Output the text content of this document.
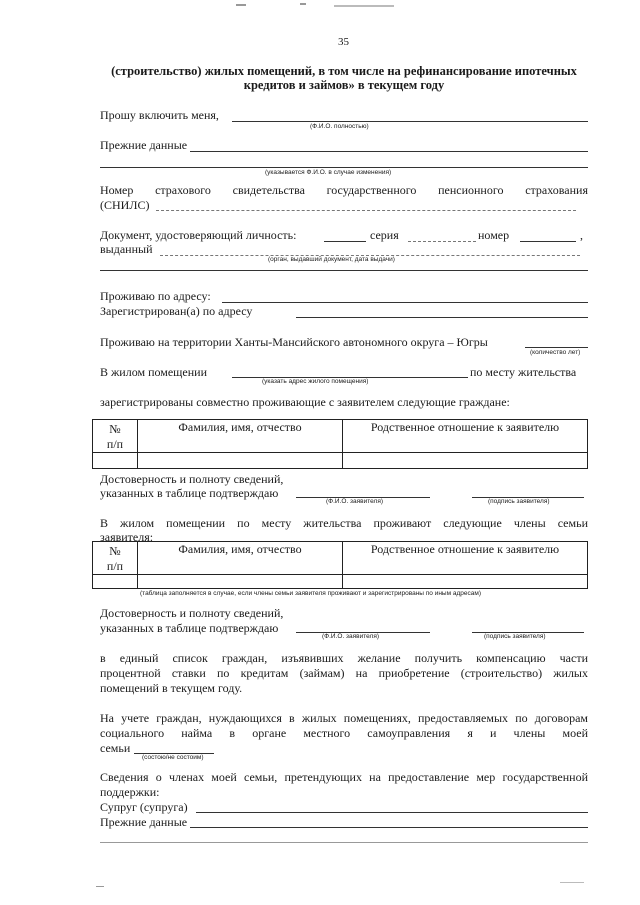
35
(строительство) жилых помещений, в том числе на рефинансирование ипотечных
кредитов и займов» в текущем году
Прошу включить меня,
(Ф.И.О. полностью)
Прежние данные
(указывается Ф.И.О. в случае изменения)
Номер страхового свидетельства государственного пенсионного страхования
(СНИЛС)
Документ, удостоверяющий личность:	серия	номер	,
выданный
(орган, выдавший документ, дата выдачи)
Проживаю по адресу:
Зарегистрирован(а) по адресу
Проживаю на территории Ханты-Мансийского автономного округа – Югры
(количество лет)
В жилом помещении
(указать адрес жилого помещения)
по месту жительства
зарегистрированы совместно проживающие с заявителем следующие граждане:
№
п/п	Фамилия, имя, отчество	Родственное отношение к заявителю

Достоверность и полноту сведений,
указанных в таблице подтверждаю
(Ф.И.О. заявителя)	(подпись заявителя)
В жилом помещении по месту жительства проживают следующие члены семьи
заявителя:
№
п/п	Фамилия, имя, отчество	Родственное отношение к заявителю

(таблица заполняется в случае, если члены семьи заявителя проживают и зарегистрированы по иным адресам)
Достоверность и полноту сведений,
указанных в таблице подтверждаю
(Ф.И.О. заявителя)	(подпись заявителя)
в единый список граждан, изъявивших желание получить компенсацию части
процентной ставки по кредитам (займам) на приобретение (строительство) жилых
помещений в текущем году.
На учете граждан, нуждающихся в жилых помещениях, предоставляемых по договорам
социального найма в органе местного самоуправления я и члены моей
семьи
(состою/не состоим)
Сведения о членах моей семьи, претендующих на предоставление мер государственной
поддержки:
Супруг (супруга)
Прежние данные
